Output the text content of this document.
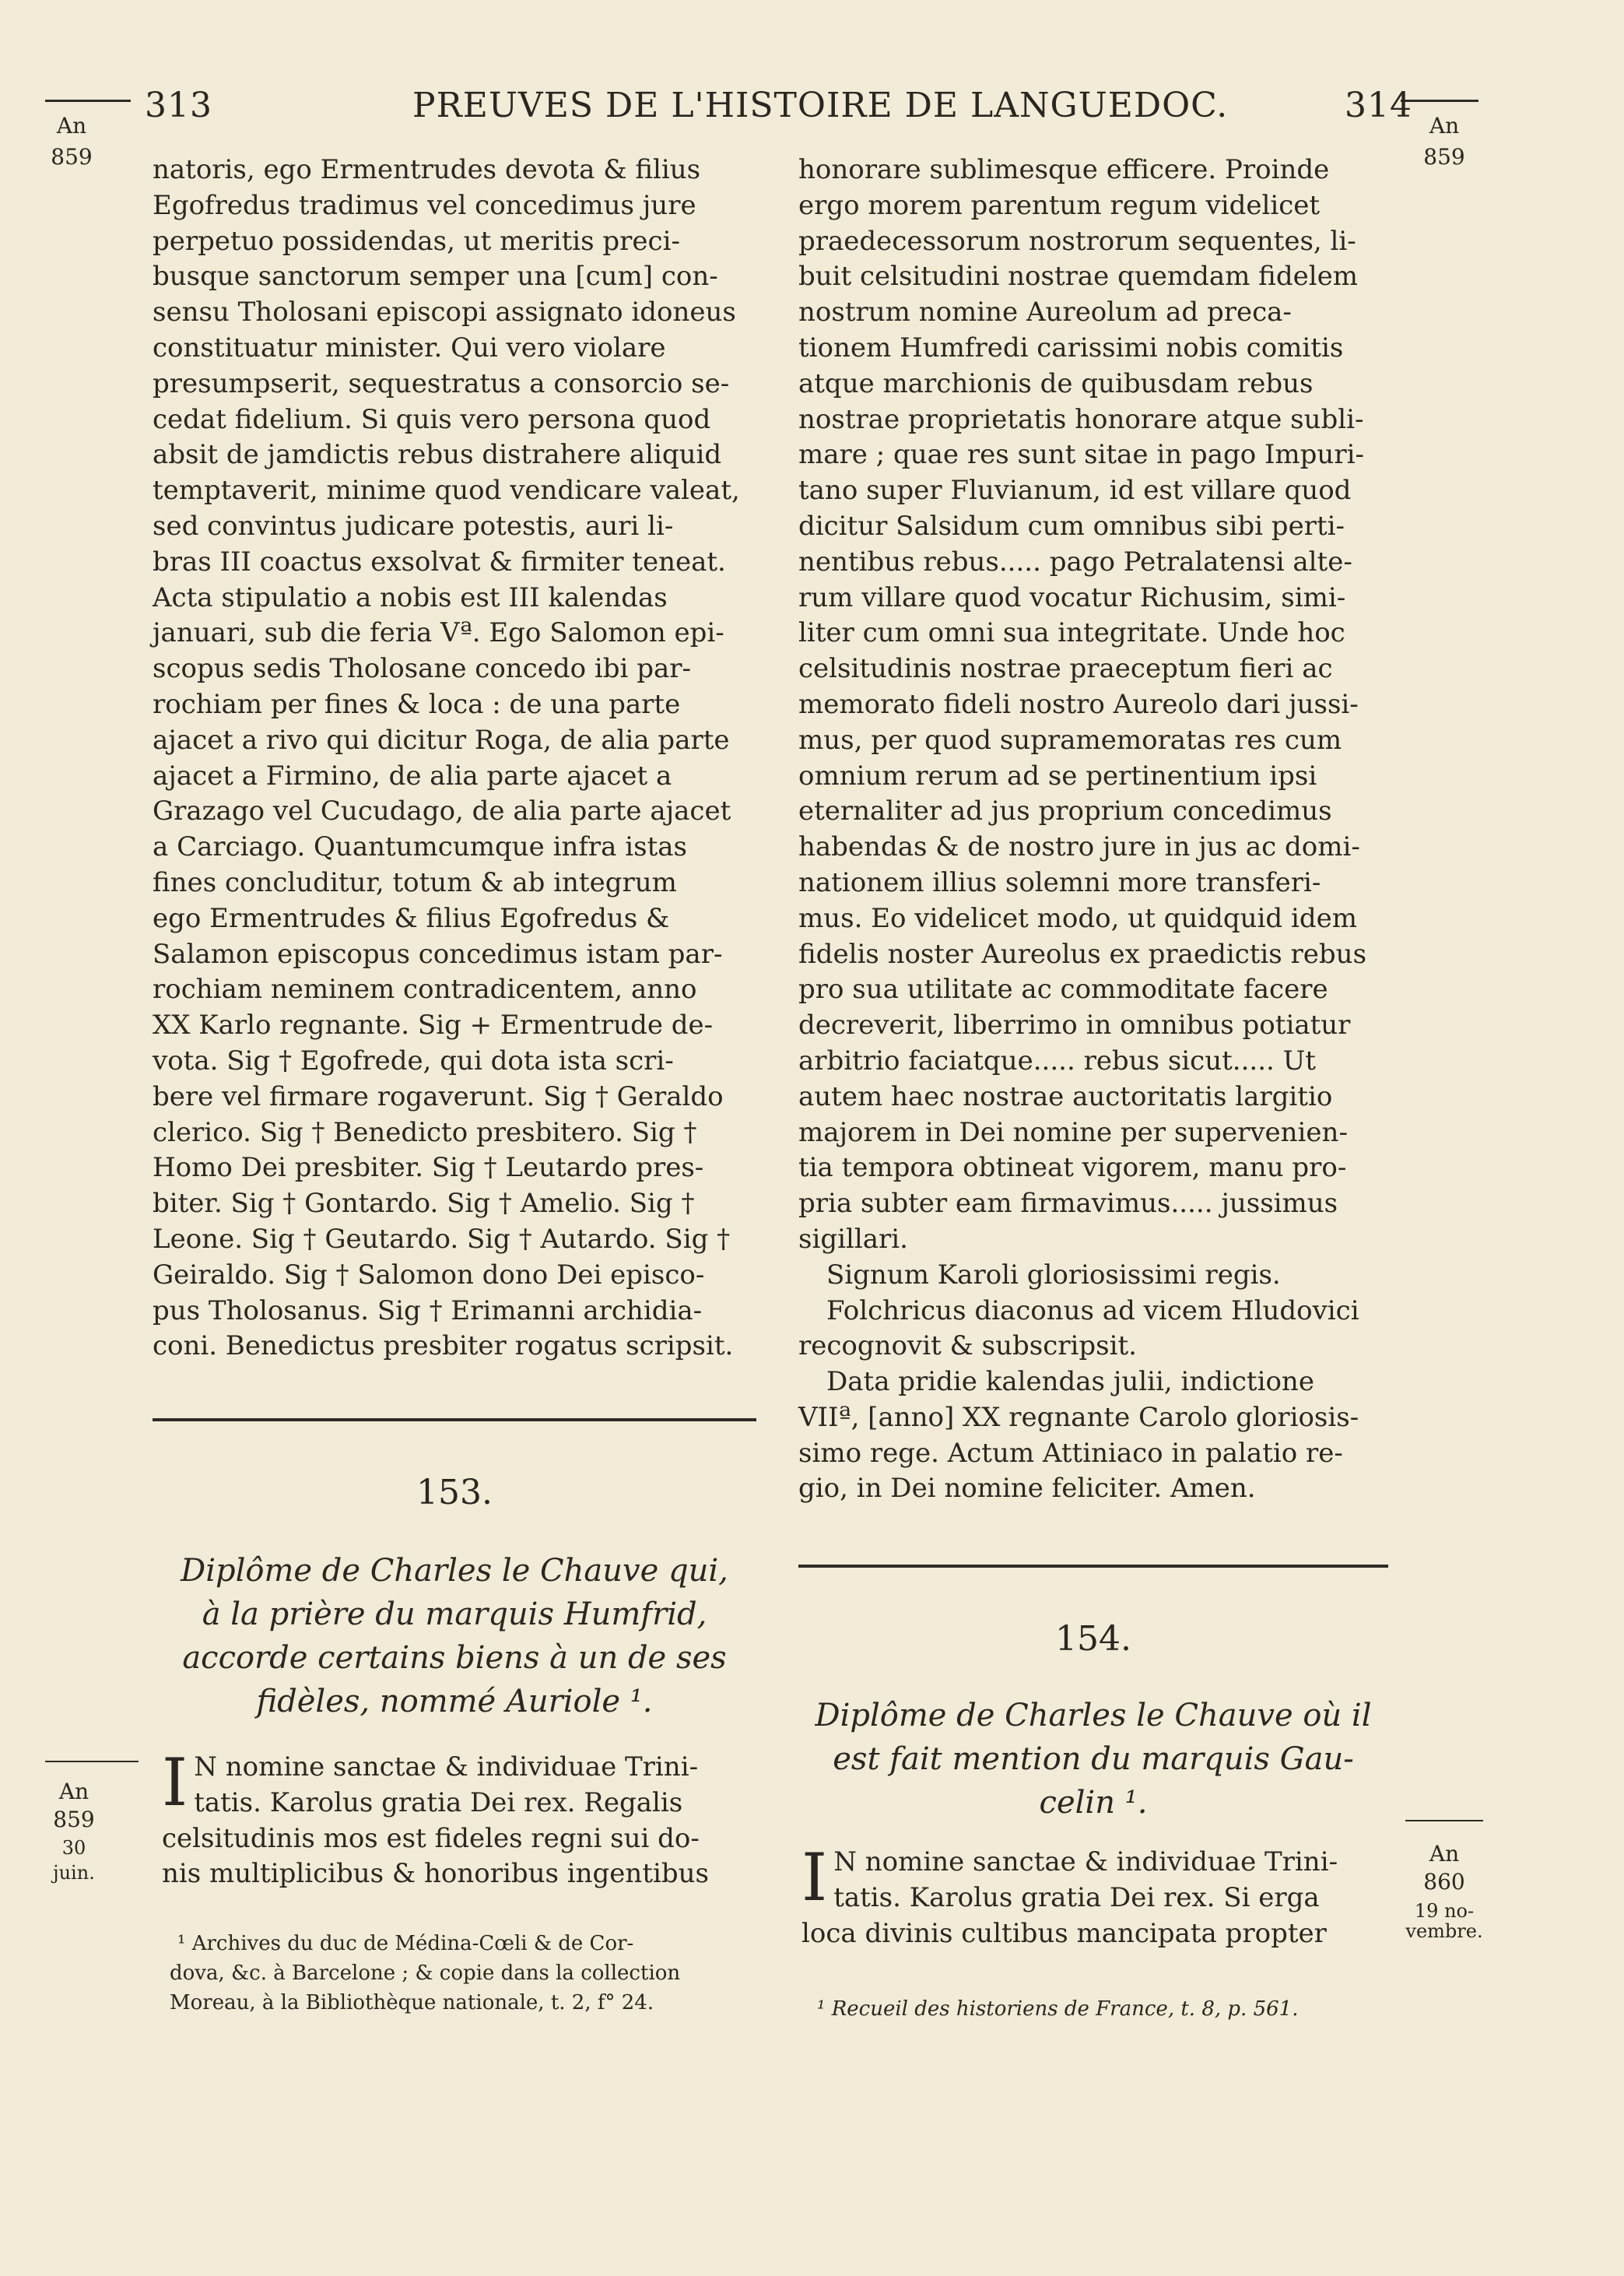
313	PREUVES DE L'HISTOIRE DE LANGUEDOC.	314
An
859
An
859
An
859
30 juin.
An
860
19 no-
vembre.

natoris, ego Ermentrudes devota & filius

Egofredus tradimus vel concedimus jure

perpetuo possidendas, ut meritis preci-

busque sanctorum semper una [cum] con-

sensu Tholosani episcopi assignato idoneus

constituatur minister. Qui vero violare

presumpserit, sequestratus a consorcio se-

cedat fidelium. Si quis vero persona quod

absit de jamdictis rebus distrahere aliquid

temptaverit, minime quod vendicare valeat,

sed convintus judicare potestis, auri li-

bras III coactus exsolvat & firmiter teneat.

Acta stipulatio a nobis est III kalendas

januari, sub die feria Vª. Ego Salomon epi-

scopus sedis Tholosane concedo ibi par-

rochiam per fines & loca : de una parte

ajacet a rivo qui dicitur Roga, de alia parte

ajacet a Firmino, de alia parte ajacet a

Grazago vel Cucudago, de alia parte ajacet

a Carciago. Quantumcumque infra istas

fines concluditur, totum & ab integrum

ego Ermentrudes & filius Egofredus &

Salamon episcopus concedimus istam par-

rochiam neminem contradicentem, anno

XX Karlo regnante. Sig + Ermentrude de-

vota. Sig † Egofrede, qui dota ista scri-

bere vel firmare rogaverunt. Sig † Geraldo

clerico. Sig † Benedicto presbitero. Sig †

Homo Dei presbiter. Sig † Leutardo pres-

biter. Sig † Gontardo. Sig † Amelio. Sig †

Leone. Sig † Geutardo. Sig † Autardo. Sig †

Geiraldo. Sig † Salomon dono Dei episco-

pus Tholosanus. Sig † Erimanni archidia-

coni. Benedictus presbiter rogatus scripsit.

153.
Diplôme de Charles le Chauve qui,
à la prière du marquis Humfrid,
accorde certains biens à un de ses
fidèles, nommé Auriole ¹.
I N nomine sanctae & individuae Trini-

tatis. Karolus gratia Dei rex. Regalis

celsitudinis mos est fideles regni sui do-

nis multiplicibus & honoribus ingentibus

¹ Archives du duc de Médina-Cœli & de Cor-
dova, &c. à Barcelone ; & copie dans la collection
Moreau, à la Bibliothèque nationale, t. 2, f° 24.

honorare sublimesque efficere. Proinde

ergo morem parentum regum videlicet

praedecessorum nostrorum sequentes, li-

buit celsitudini nostrae quemdam fidelem

nostrum nomine Aureolum ad preca-

tionem Humfredi carissimi nobis comitis

atque marchionis de quibusdam rebus

nostrae proprietatis honorare atque subli-

mare ; quae res sunt sitae in pago Impuri-

tano super Fluvianum, id est villare quod

dicitur Salsidum cum omnibus sibi perti-

nentibus rebus..... pago Petralatensi alte-

rum villare quod vocatur Richusim, simi-

liter cum omni sua integritate. Unde hoc

celsitudinis nostrae praeceptum fieri ac

memorato fideli nostro Aureolo dari jussi-

mus, per quod supramemoratas res cum

omnium rerum ad se pertinentium ipsi

eternaliter ad jus proprium concedimus

habendas & de nostro jure in jus ac domi-

nationem illius solemni more transferi-

mus. Eo videlicet modo, ut quidquid idem

fidelis noster Aureolus ex praedictis rebus

pro sua utilitate ac commoditate facere

decreverit, liberrimo in omnibus potiatur

arbitrio faciatque..... rebus sicut..... Ut

autem haec nostrae auctoritatis largitio

majorem in Dei nomine per supervenien-

tia tempora obtineat vigorem, manu pro-

pria subter eam firmavimus..... jussimus

sigillari.

Signum Karoli gloriosissimi regis.

Folchricus diaconus ad vicem Hludovici

recognovit & subscripsit.

Data pridie kalendas julii, indictione

VIIª, [anno] XX regnante Carolo gloriosis-

simo rege. Actum Attiniaco in palatio re-

gio, in Dei nomine feliciter. Amen.

154.
Diplôme de Charles le Chauve où il
est fait mention du marquis Gau-
celin ¹.
I N nomine sanctae & individuae Trini-

tatis. Karolus gratia Dei rex. Si erga

loca divinis cultibus mancipata propter

¹ Recueil des historiens de France, t. 8, p. 561.
